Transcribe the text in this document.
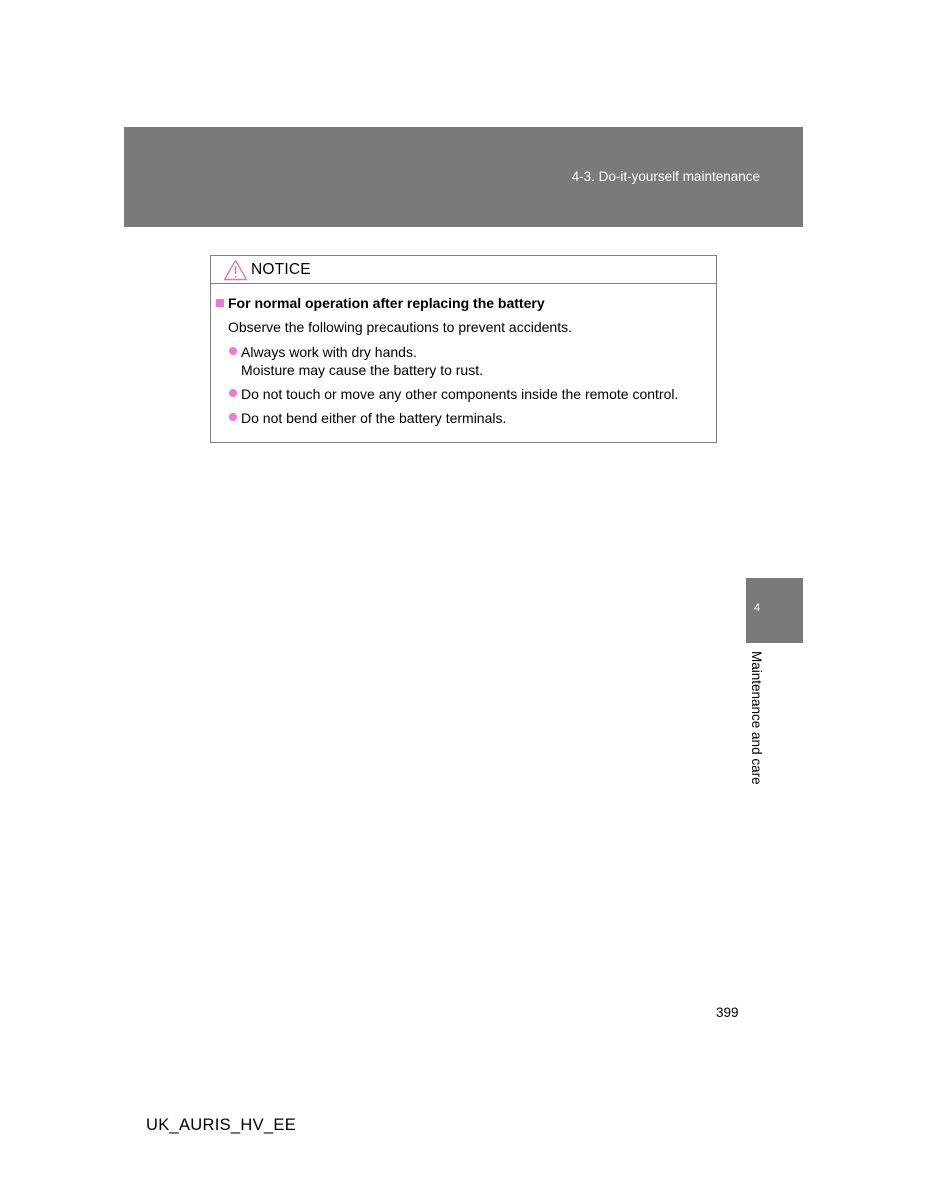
4-3. Do-it-yourself maintenance
NOTICE
For normal operation after replacing the battery
Observe the following precautions to prevent accidents.
Always work with dry hands.
Moisture may cause the battery to rust.
Do not touch or move any other components inside the remote control.
Do not bend either of the battery terminals.
4
Maintenance and care
399
UK_AURIS_HV_EE
